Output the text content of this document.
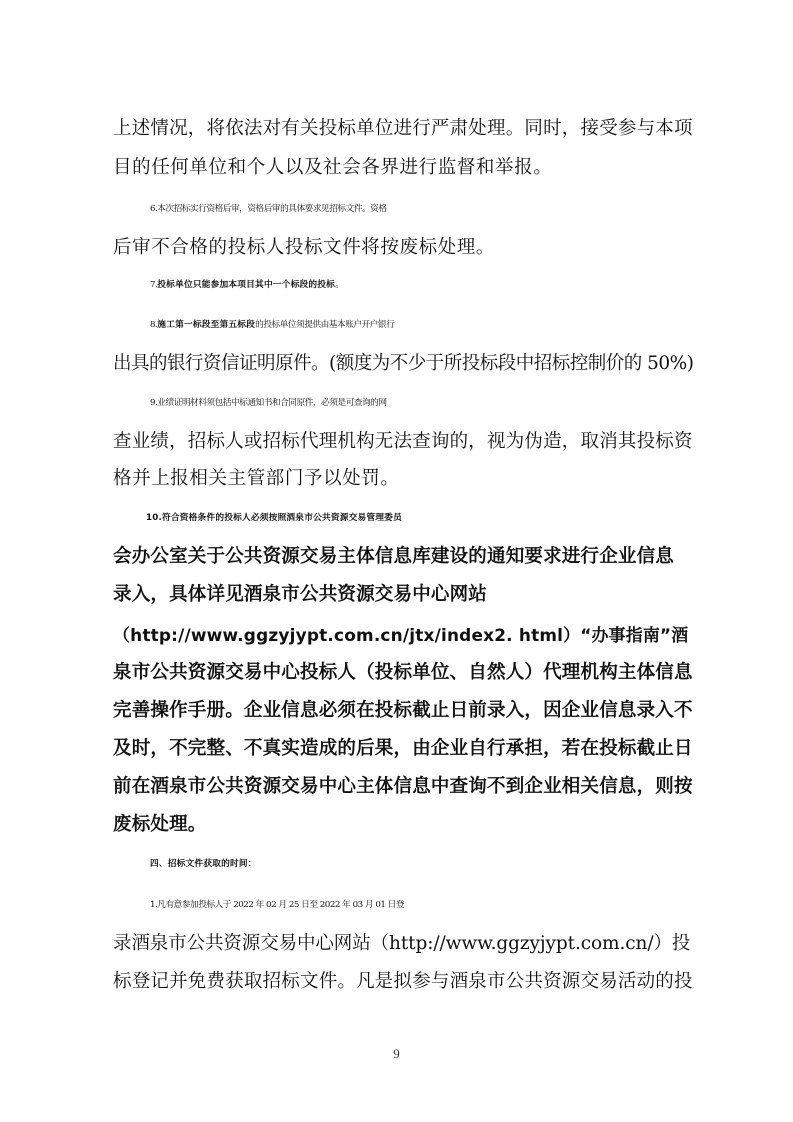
上述情况，将依法对有关投标单位进行严肃处理。同时，接受参与本项
目的任何单位和个人以及社会各界进行监督和举报。
6.本次招标实行资格后审，资格后审的具体要求见招标文件。资格
后审不合格的投标人投标文件将按废标处理。
7.投标单位只能参加本项目其中一个标段的投标。
8.施工第一标段至第五标段的投标单位须提供由基本账户开户银行
出具的银行资信证明原件。(额度为不少于所投标段中招标控制价的 50%)
9.业绩证明材料须包括中标通知书和合同原件，必须是可查询的网
查业绩，招标人或招标代理机构无法查询的，视为伪造，取消其投标资
格并上报相关主管部门予以处罚。
10.符合资格条件的投标人必须按照酒泉市公共资源交易管理委员
会办公室关于公共资源交易主体信息库建设的通知要求进行企业信息
录入，具体详见酒泉市公共资源交易中心网站
（http://www.ggzyjypt.com.cn/jtx/index2. html）“办事指南”酒
泉市公共资源交易中心投标人（投标单位、自然人）代理机构主体信息
完善操作手册。企业信息必须在投标截止日前录入，因企业信息录入不
及时，不完整、不真实造成的后果，由企业自行承担，若在投标截止日
前在酒泉市公共资源交易中心主体信息中查询不到企业相关信息，则按
废标处理。
四、招标文件获取的时间：
1.凡有意参加投标人于 2022 年 02 月 25 日至 2022 年 03 月 01 日登
录酒泉市公共资源交易中心网站（http://www.ggzyjypt.com.cn/）投
标登记并免费获取招标文件。凡是拟参与酒泉市公共资源交易活动的投
9
